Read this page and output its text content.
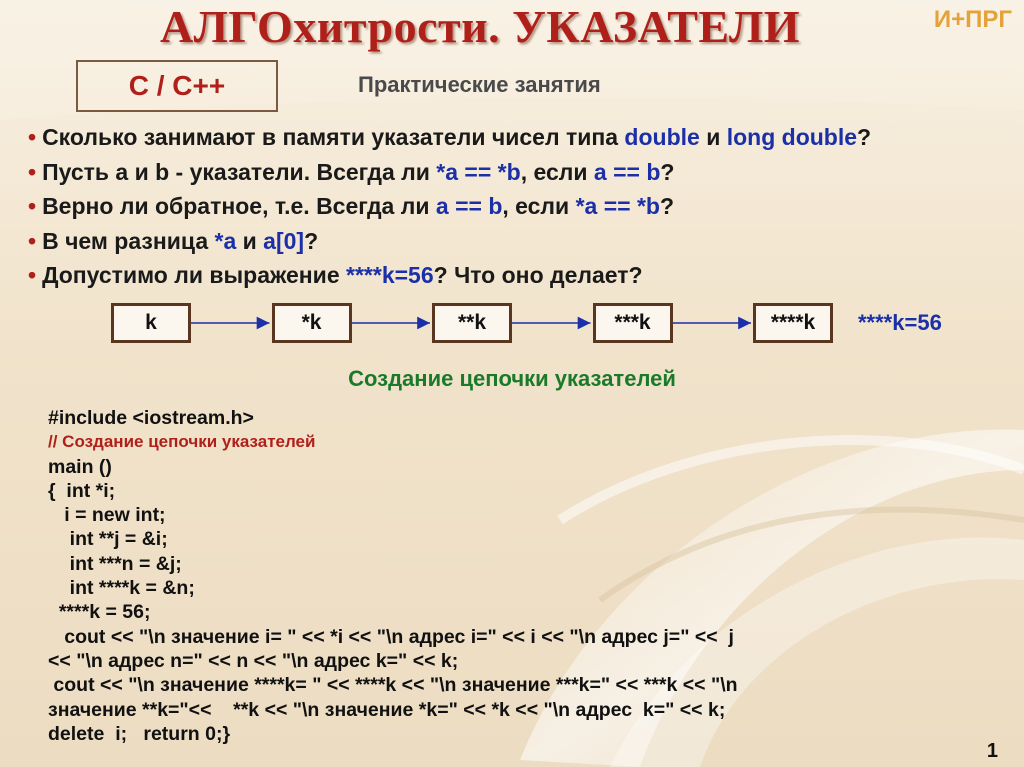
АЛГОхитрости. УКАЗАТЕЛИ	И+ПРГ
C / C++	Практические занятия
• Сколько занимают в памяти указатели чисел типа double и long double?
• Пусть а и b - указатели. Всегда ли *a == *b, если a == b?
• Верно ли обратное, т.е. Всегда ли a == b, если *a == *b?
• В чем разница *a и a[0]?
• Допустимо ли выражение ****k=56? Что оно делает?
****k=56
k	*k	**k	***k	****k
Создание цепочки указателей
#include <iostream.h>
// Создание цепочки указателей
main ()
{  int *i;
i = new int;
int **j = &i;
int ***n = &j;
int ****k = &n;
****k = 56;
cout << "\n значение i= " << *i << "\n адрес i=" << i << "\n адрес j=" <<  j
<< "\n адрес n=" << n << "\n адрес k=" << k;
cout << "\n значение ****k= " << ****k << "\n значение ***k=" << ***k << "\n
значение **k="<<    **k << "\n значение *k=" << *k << "\n адрес  k=" << k;
delete  i;   return 0;}
1
